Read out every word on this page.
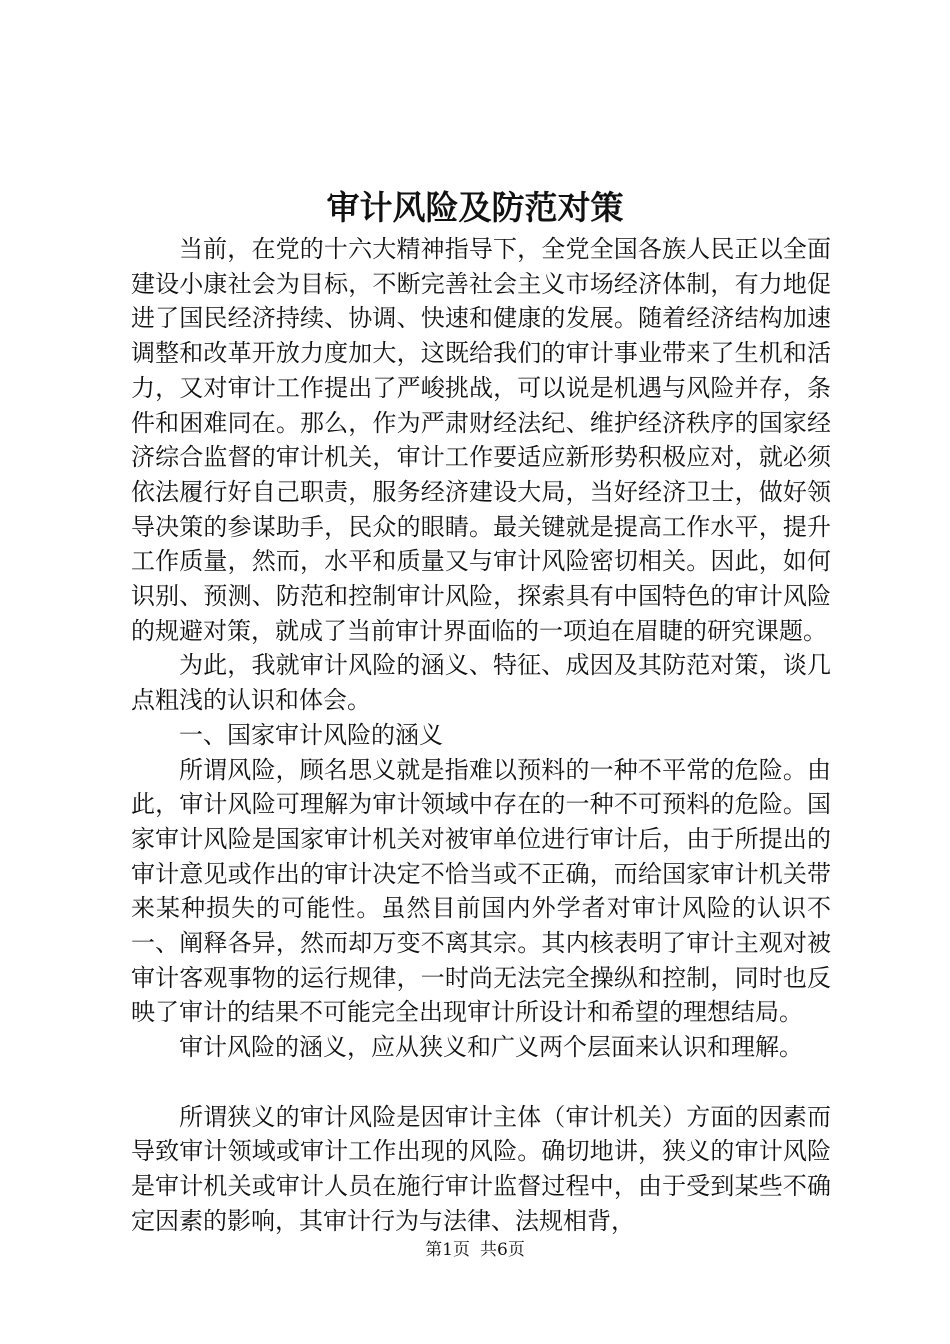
审计风险及防范对策

当前，在党的十六大精神指导下，全党全国各族人民正以全面建设小康社会为目标，不断完善社会主义市场经济体制，有力地促进了国民经济持续、协调、快速和健康的发展。随着经济结构加速调整和改革开放力度加大，这既给我们的审计事业带来了生机和活力，又对审计工作提出了严峻挑战，可以说是机遇与风险并存，条件和困难同在。那么，作为严肃财经法纪、维护经济秩序的国家经济综合监督的审计机关，审计工作要适应新形势积极应对，就必须依法履行好自己职责，服务经济建设大局，当好经济卫士，做好领导决策的参谋助手，民众的眼睛。最关键就是提高工作水平，提升工作质量，然而，水平和质量又与审计风险密切相关。因此，如何识别、预测、防范和控制审计风险，探索具有中国特色的审计风险的规避对策，就成了当前审计界面临的一项迫在眉睫的研究课题。

为此，我就审计风险的涵义、特征、成因及其防范对策，谈几点粗浅的认识和体会。

一、国家审计风险的涵义

所谓风险，顾名思义就是指难以预料的一种不平常的危险。由此，审计风险可理解为审计领域中存在的一种不可预料的危险。国家审计风险是国家审计机关对被审单位进行审计后，由于所提出的审计意见或作出的审计决定不恰当或不正确，而给国家审计机关带来某种损失的可能性。虽然目前国内外学者对审计风险的认识不一、阐释各异，然而却万变不离其宗。其内核表明了审计主观对被审计客观事物的运行规律，一时尚无法完全操纵和控制，同时也反映了审计的结果不可能完全出现审计所设计和希望的理想结局。

审计风险的涵义，应从狭义和广义两个层面来认识和理解。

所谓狭义的审计风险是因审计主体（审计机关）方面的因素而导致审计领域或审计工作出现的风险。确切地讲，狭义的审计风险是审计机关或审计人员在施行审计监督过程中，由于受到某些不确定因素的影响，其审计行为与法律、法规相背，

第1页 共6页
